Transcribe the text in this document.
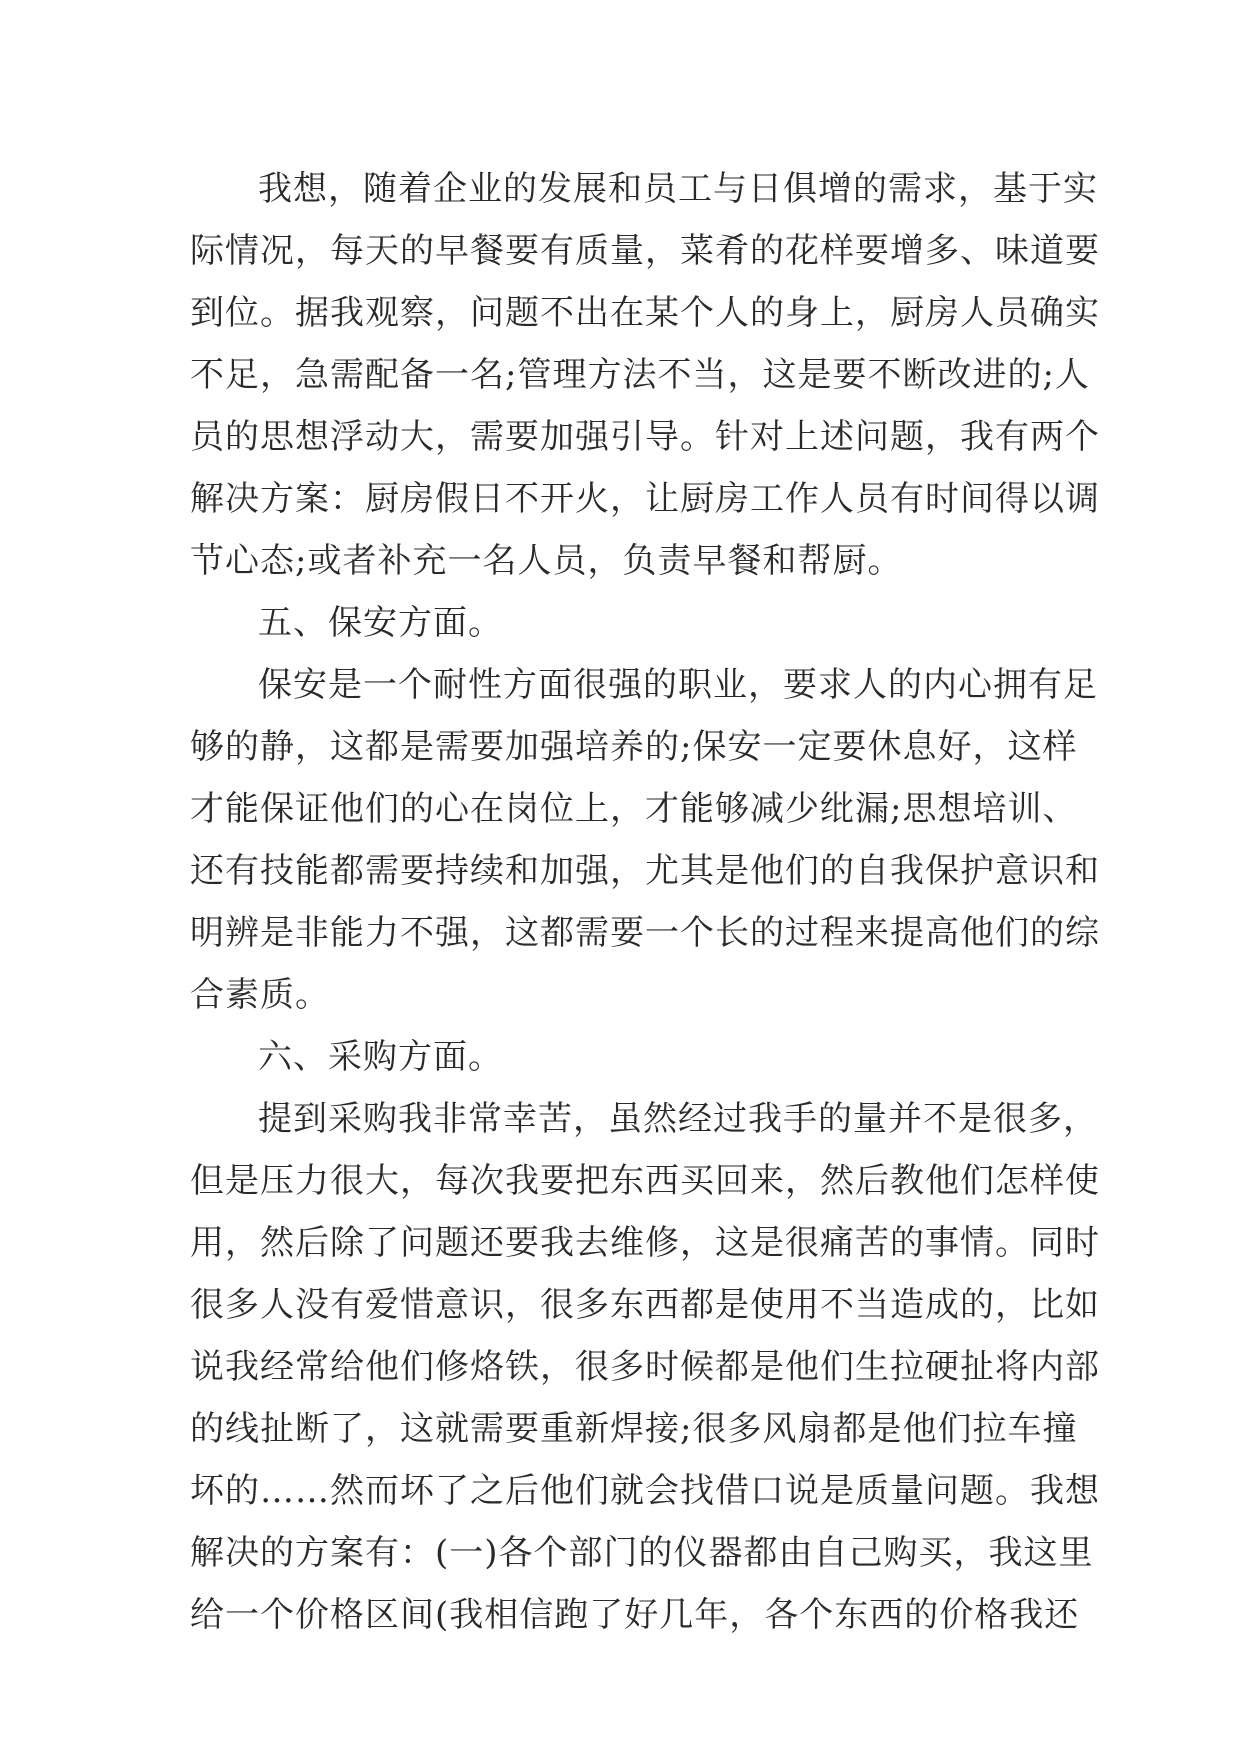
我想，随着企业的发展和员工与日俱增的需求，基于实
际情况，每天的早餐要有质量，菜肴的花样要增多、味道要
到位。据我观察，问题不出在某个人的身上，厨房人员确实
不足，急需配备一名;管理方法不当，这是要不断改进的;人
员的思想浮动大，需要加强引导。针对上述问题，我有两个
解决方案：厨房假日不开火，让厨房工作人员有时间得以调
节心态;或者补充一名人员，负责早餐和帮厨。
五、保安方面。
保安是一个耐性方面很强的职业，要求人的内心拥有足
够的静，这都是需要加强培养的;保安一定要休息好，这样
才能保证他们的心在岗位上，才能够减少纰漏;思想培训、
还有技能都需要持续和加强，尤其是他们的自我保护意识和
明辨是非能力不强，这都需要一个长的过程来提高他们的综
合素质。
六、采购方面。
提到采购我非常幸苦，虽然经过我手的量并不是很多，
但是压力很大，每次我要把东西买回来，然后教他们怎样使
用，然后除了问题还要我去维修，这是很痛苦的事情。同时
很多人没有爱惜意识，很多东西都是使用不当造成的，比如
说我经常给他们修烙铁，很多时候都是他们生拉硬扯将内部
的线扯断了，这就需要重新焊接;很多风扇都是他们拉车撞
坏的……然而坏了之后他们就会找借口说是质量问题。我想
解决的方案有：(一)各个部门的仪器都由自己购买，我这里
给一个价格区间(我相信跑了好几年，各个东西的价格我还
